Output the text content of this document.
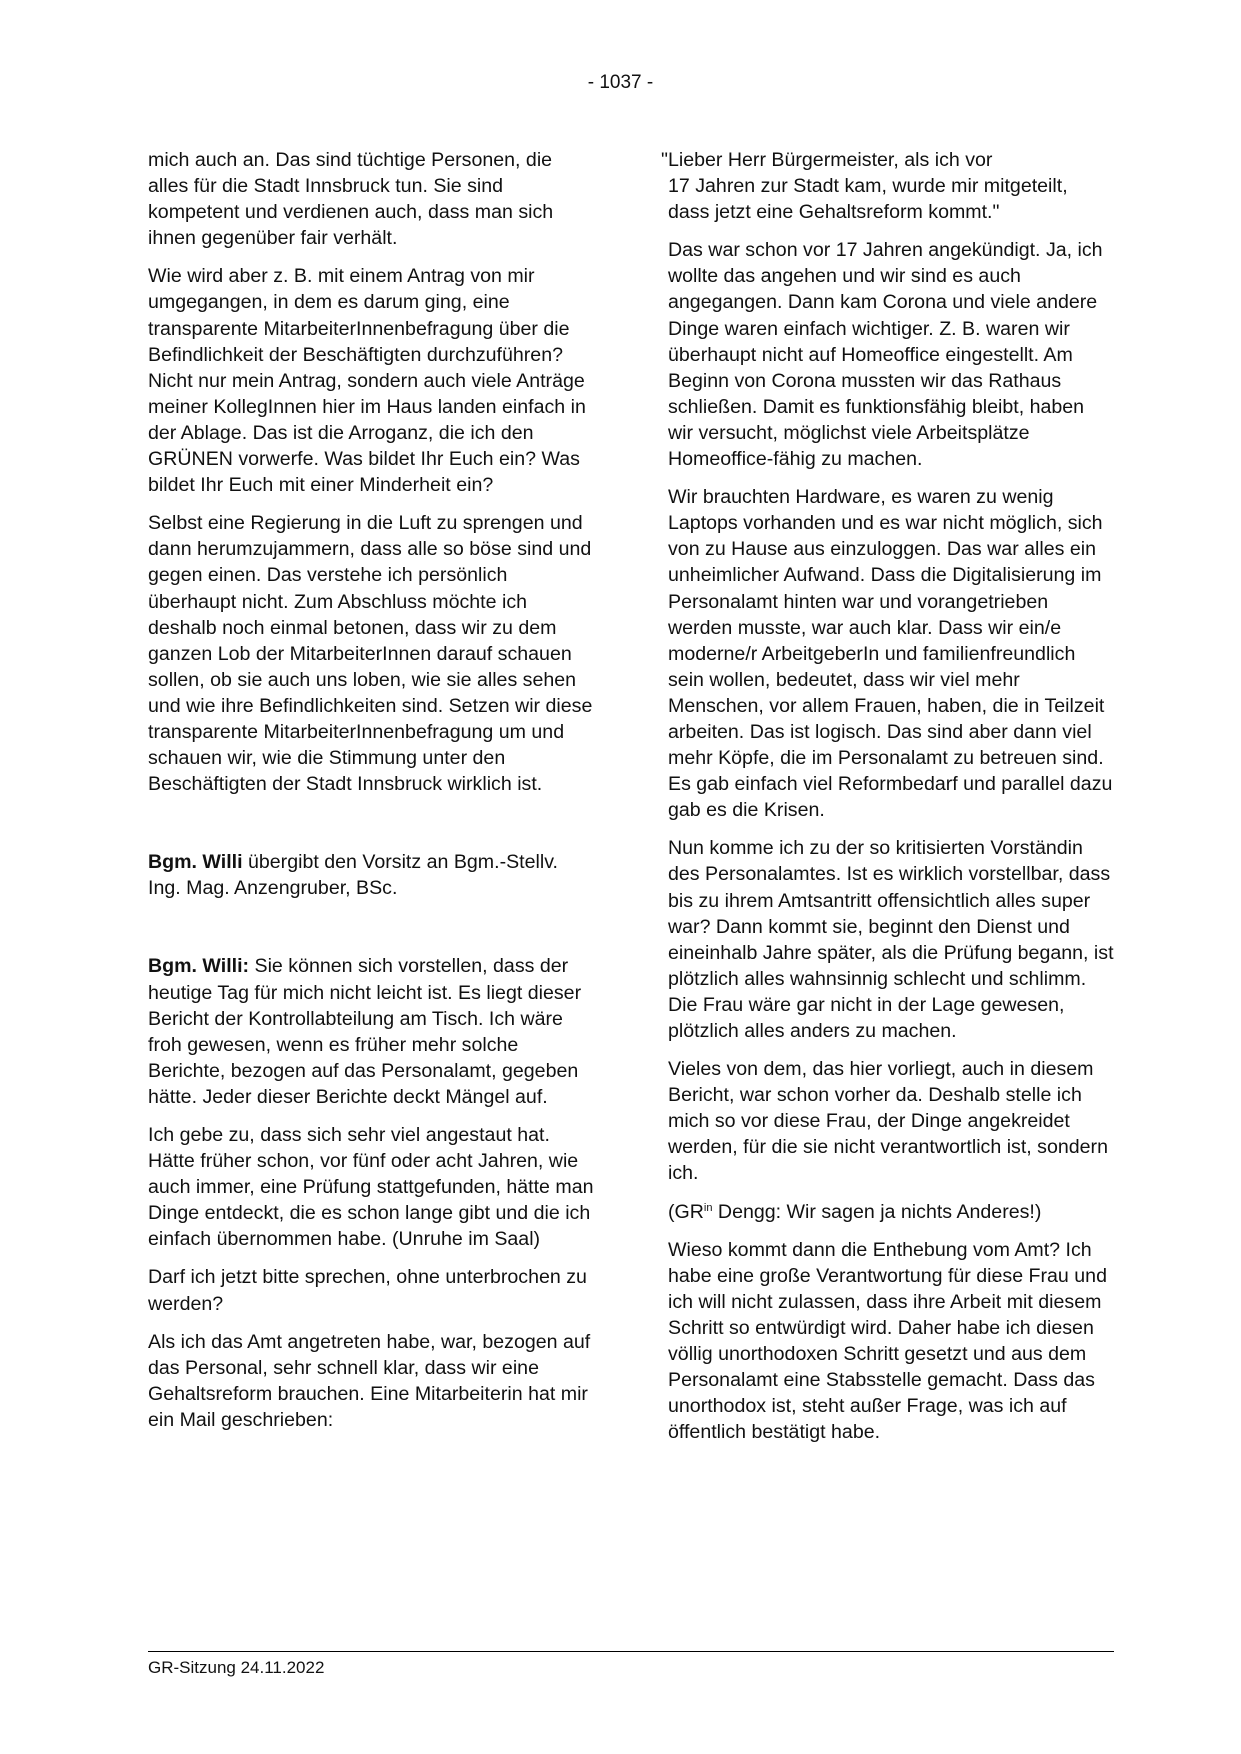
- 1037 -

mich auch an. Das sind tüchtige Personen, die alles für die Stadt Innsbruck tun. Sie sind kompetent und verdienen auch, dass man sich ihnen gegenüber fair verhält.

Wie wird aber z. B. mit einem Antrag von mir umgegangen, in dem es darum ging, eine transparente MitarbeiterInnenbefragung über die Befindlichkeit der Beschäftigten durchzuführen? Nicht nur mein Antrag, sondern auch viele Anträge meiner KollegInnen hier im Haus landen einfach in der Ablage. Das ist die Arroganz, die ich den GRÜNEN vorwerfe. Was bildet Ihr Euch ein? Was bildet Ihr Euch mit einer Minderheit ein?

Selbst eine Regierung in die Luft zu sprengen und dann herumzujammern, dass alle so böse sind und gegen einen. Das verstehe ich persönlich überhaupt nicht. Zum Abschluss möchte ich deshalb noch einmal betonen, dass wir zu dem ganzen Lob der MitarbeiterInnen darauf schauen sollen, ob sie auch uns loben, wie sie alles sehen und wie ihre Befindlichkeiten sind. Setzen wir diese transparente MitarbeiterInnenbefragung um und schauen wir, wie die Stimmung unter den Beschäftigten der Stadt Innsbruck wirklich ist.

Bgm. Willi übergibt den Vorsitz an Bgm.-Stellv. Ing. Mag. Anzengruber, BSc.

Bgm. Willi: Sie können sich vorstellen, dass der heutige Tag für mich nicht leicht ist. Es liegt dieser Bericht der Kontrollabteilung am Tisch. Ich wäre froh gewesen, wenn es früher mehr solche Berichte, bezogen auf das Personalamt, gegeben hätte. Jeder dieser Berichte deckt Mängel auf.

Ich gebe zu, dass sich sehr viel angestaut hat. Hätte früher schon, vor fünf oder acht Jahren, wie auch immer, eine Prüfung stattgefunden, hätte man Dinge entdeckt, die es schon lange gibt und die ich einfach übernommen habe. (Unruhe im Saal)

Darf ich jetzt bitte sprechen, ohne unterbrochen zu werden?

Als ich das Amt angetreten habe, war, bezogen auf das Personal, sehr schnell klar, dass wir eine Gehaltsreform brauchen. Eine Mitarbeiterin hat mir ein Mail geschrieben:

"Lieber Herr Bürgermeister, als ich vor
17 Jahren zur Stadt kam, wurde mir mitgeteilt, dass jetzt eine Gehaltsreform kommt."

Das war schon vor 17 Jahren angekündigt. Ja, ich wollte das angehen und wir sind es auch angegangen. Dann kam Corona und viele andere Dinge waren einfach wichtiger. Z. B. waren wir überhaupt nicht auf Homeoffice eingestellt. Am Beginn von Corona mussten wir das Rathaus schließen. Damit es funktionsfähig bleibt, haben wir versucht, möglichst viele Arbeitsplätze Homeoffice-fähig zu machen.

Wir brauchten Hardware, es waren zu wenig Laptops vorhanden und es war nicht möglich, sich von zu Hause aus einzuloggen. Das war alles ein unheimlicher Aufwand. Dass die Digitalisierung im Personalamt hinten war und vorangetrieben werden musste, war auch klar. Dass wir ein/e moderne/r ArbeitgeberIn und familienfreundlich sein wollen, bedeutet, dass wir viel mehr Menschen, vor allem Frauen, haben, die in Teilzeit arbeiten. Das ist logisch. Das sind aber dann viel mehr Köpfe, die im Personalamt zu betreuen sind. Es gab einfach viel Reformbedarf und parallel dazu gab es die Krisen.

Nun komme ich zu der so kritisierten Vorständin des Personalamtes. Ist es wirklich vorstellbar, dass bis zu ihrem Amtsantritt offensichtlich alles super war? Dann kommt sie, beginnt den Dienst und eineinhalb Jahre später, als die Prüfung begann, ist plötzlich alles wahnsinnig schlecht und schlimm. Die Frau wäre gar nicht in der Lage gewesen, plötzlich alles anders zu machen.

Vieles von dem, das hier vorliegt, auch in diesem Bericht, war schon vorher da. Deshalb stelle ich mich so vor diese Frau, der Dinge angekreidet werden, für die sie nicht verantwortlich ist, sondern ich.

($GR^{in}$ Dengg: Wir sagen ja nichts Anderes!)

Wieso kommt dann die Enthebung vom Amt? Ich habe eine große Verantwortung für diese Frau und ich will nicht zulassen, dass ihre Arbeit mit diesem Schritt so entwürdigt wird. Daher habe ich diesen völlig unorthodoxen Schritt gesetzt und aus dem Personalamt eine Stabsstelle gemacht. Dass das unorthodox ist, steht außer Frage, was ich auf öffentlich bestätigt habe.

GR-Sitzung 24.11.2022
